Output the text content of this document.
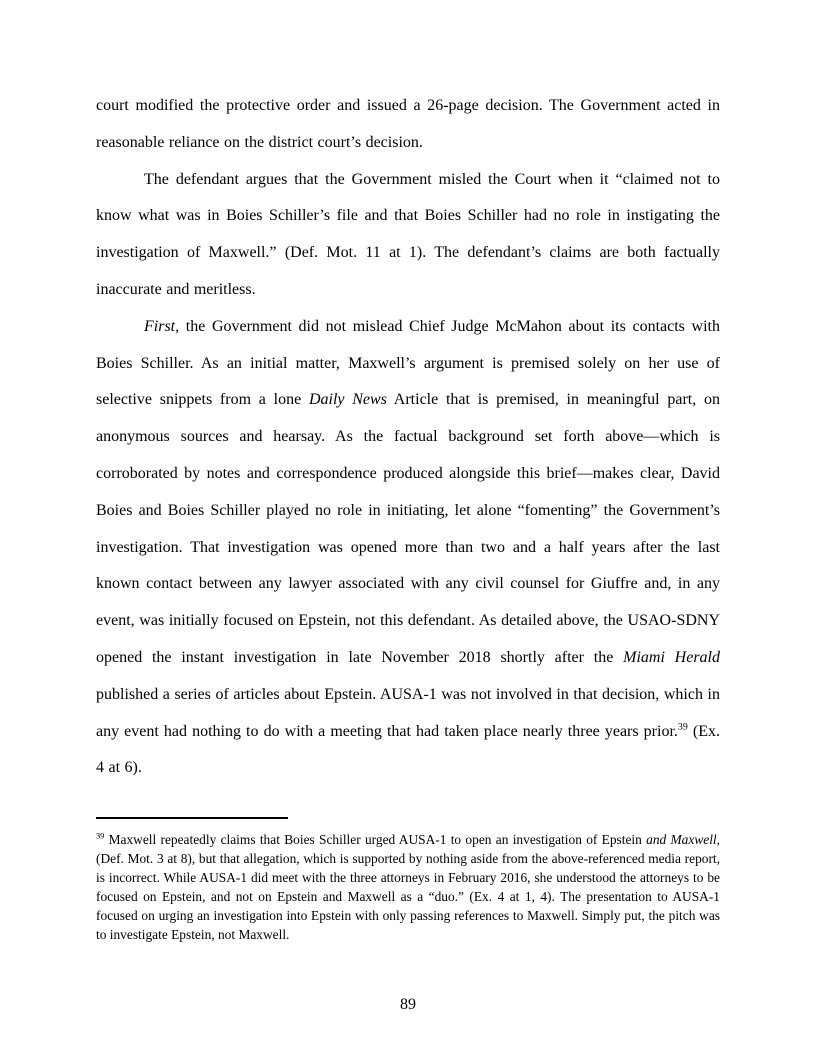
court modified the protective order and issued a 26-page decision. The Government acted in reasonable reliance on the district court’s decision.

The defendant argues that the Government misled the Court when it “claimed not to know what was in Boies Schiller’s file and that Boies Schiller had no role in instigating the investigation of Maxwell.” (Def. Mot. 11 at 1). The defendant’s claims are both factually inaccurate and meritless.

First, the Government did not mislead Chief Judge McMahon about its contacts with Boies Schiller. As an initial matter, Maxwell’s argument is premised solely on her use of selective snippets from a lone Daily News Article that is premised, in meaningful part, on anonymous sources and hearsay. As the factual background set forth above—which is corroborated by notes and correspondence produced alongside this brief—makes clear, David Boies and Boies Schiller played no role in initiating, let alone “fomenting” the Government’s investigation. That investigation was opened more than two and a half years after the last known contact between any lawyer associated with any civil counsel for Giuffre and, in any event, was initially focused on Epstein, not this defendant. As detailed above, the USAO-SDNY opened the instant investigation in late November 2018 shortly after the Miami Herald published a series of articles about Epstein. AUSA-1 was not involved in that decision, which in any event had nothing to do with a meeting that had taken place nearly three years prior.$^{39}$ (Ex. 4 at 6).

$^{39}$ Maxwell repeatedly claims that Boies Schiller urged AUSA-1 to open an investigation of Epstein and Maxwell, (Def. Mot. 3 at 8), but that allegation, which is supported by nothing aside from the above-referenced media report, is incorrect. While AUSA-1 did meet with the three attorneys in February 2016, she understood the attorneys to be focused on Epstein, and not on Epstein and Maxwell as a “duo.” (Ex. 4 at 1, 4). The presentation to AUSA-1 focused on urging an investigation into Epstein with only passing references to Maxwell. Simply put, the pitch was to investigate Epstein, not Maxwell.
89
